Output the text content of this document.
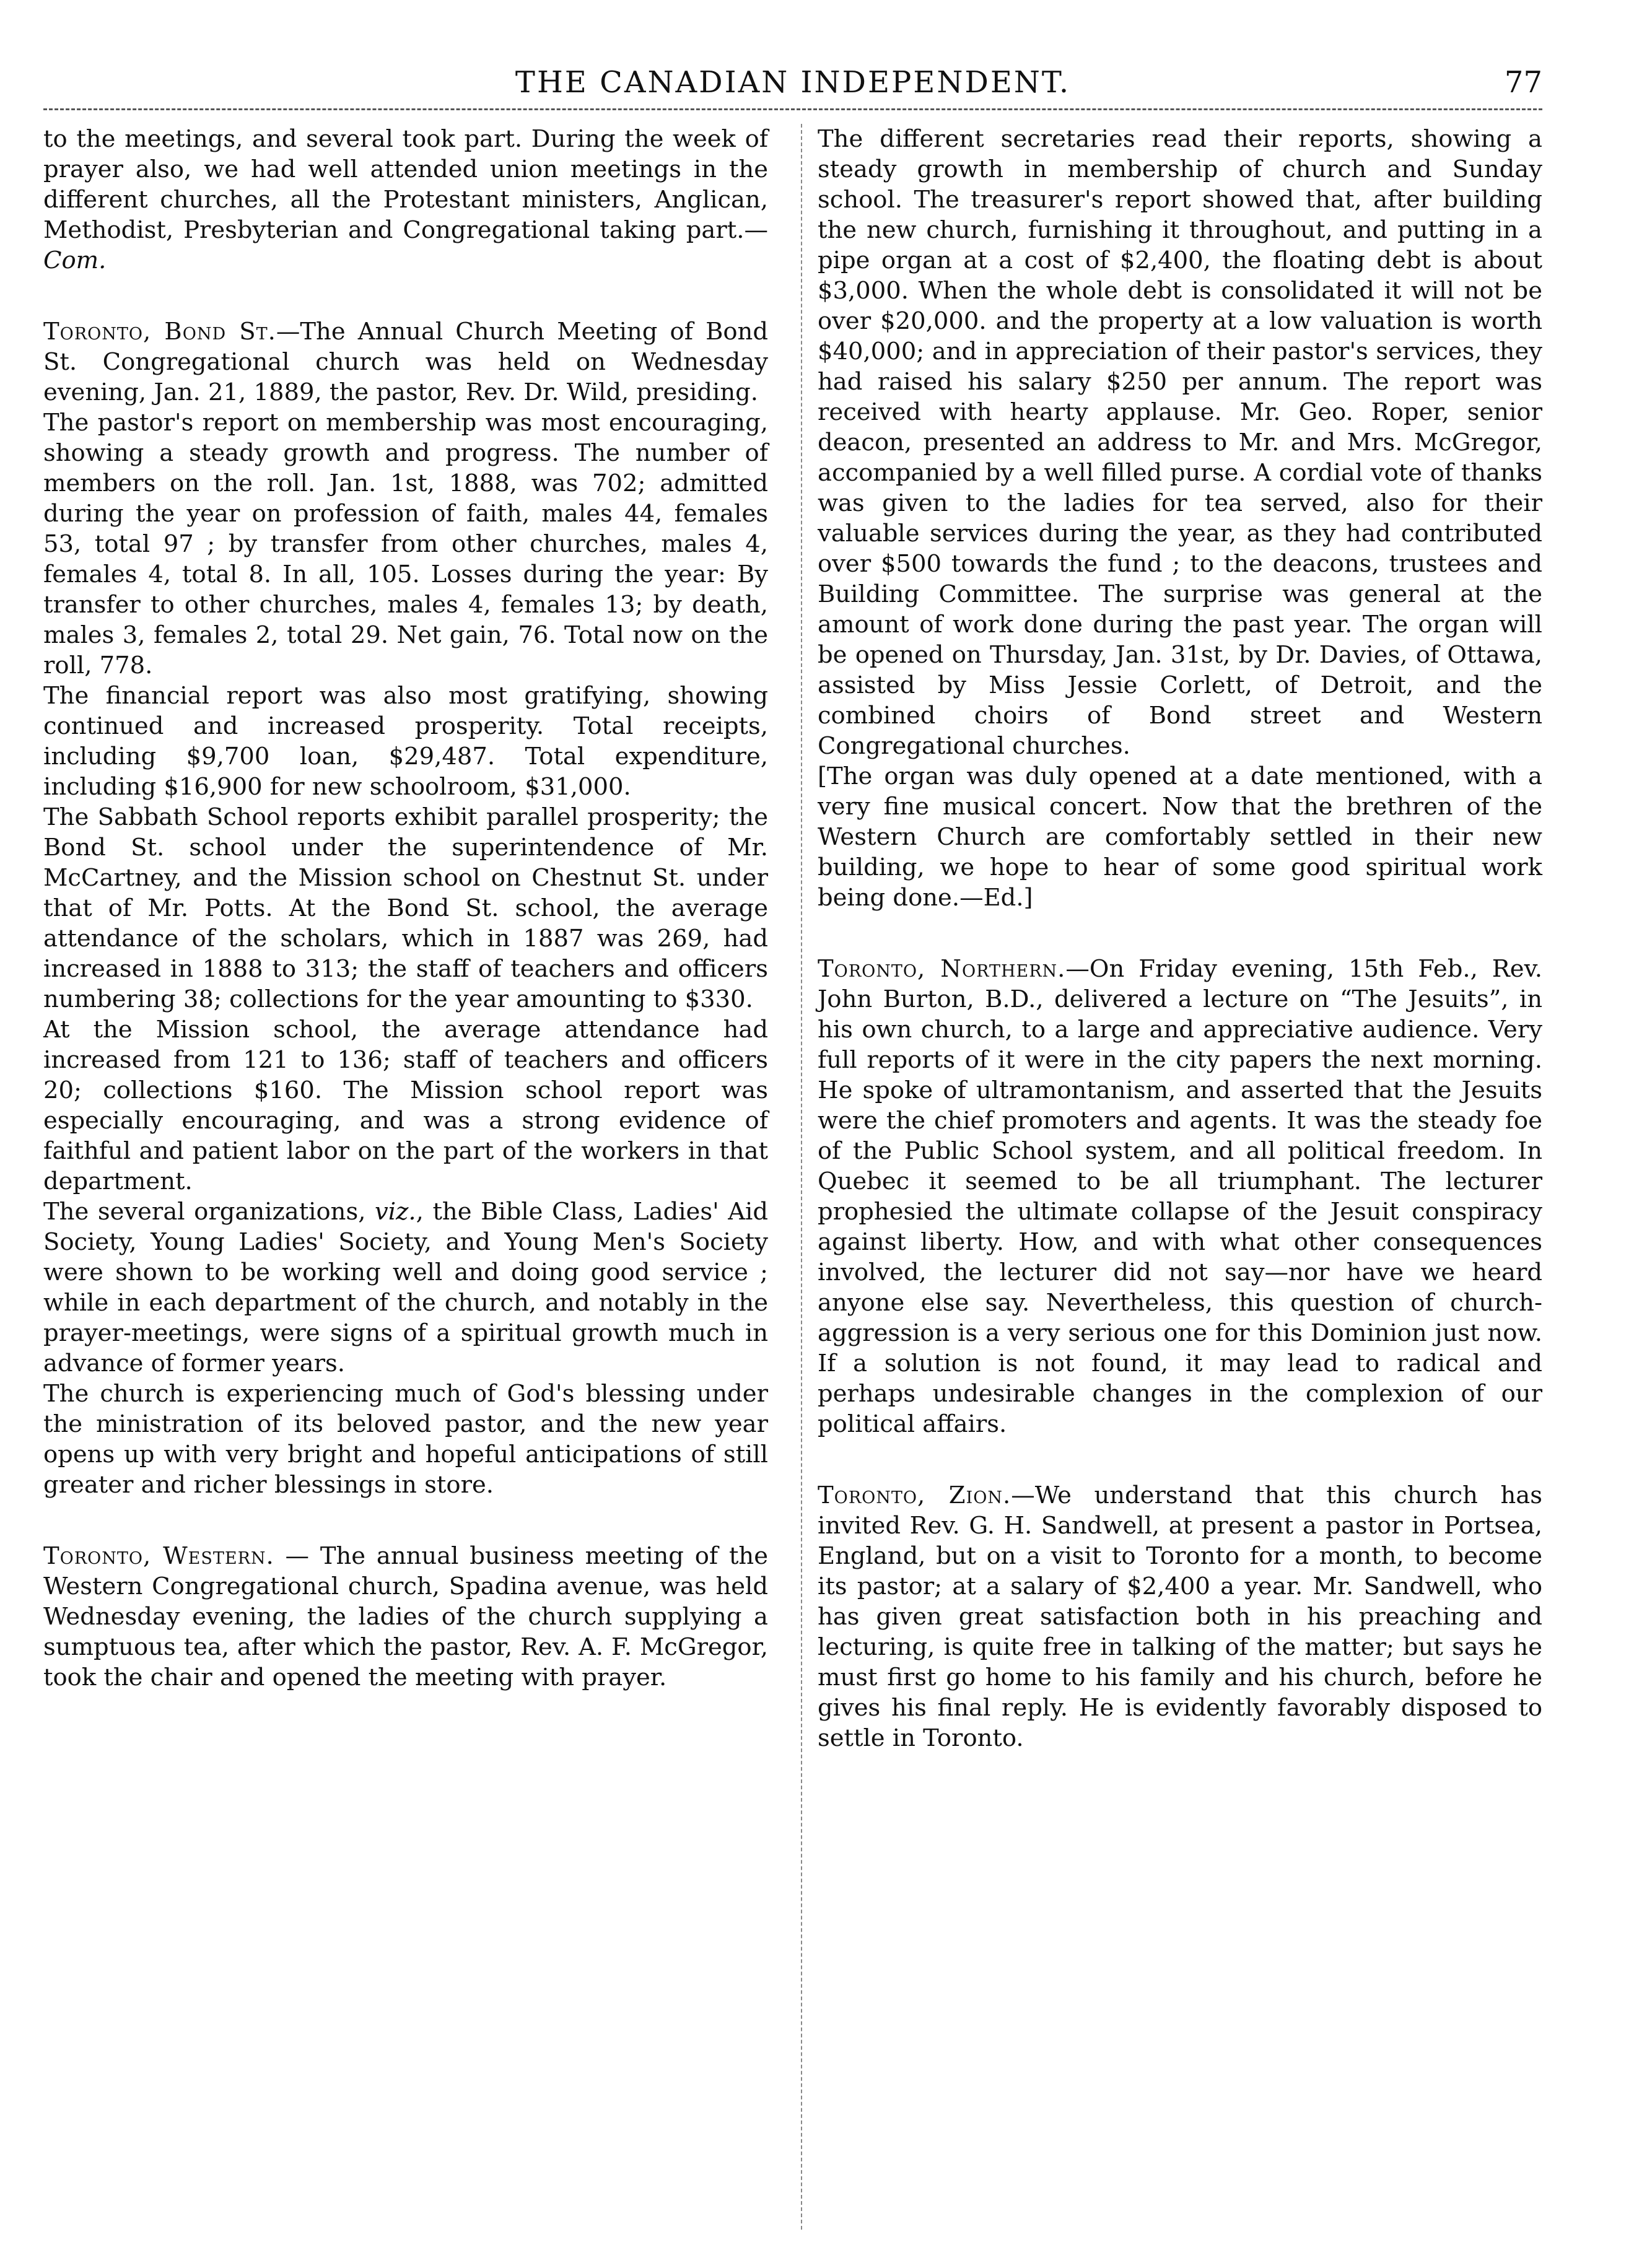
THE CANADIAN INDEPENDENT.	77

to the meetings, and several took part. During the week of prayer also, we had well attended union meetings in the different churches, all the Protestant ministers, Anglican, Methodist, Presbyterian and Congregational taking part.—Com.

Toronto, Bond St.—The Annual Church Meeting of Bond St. Congregational church was held on Wednesday evening, Jan. 21, 1889, the pastor, Rev. Dr. Wild, presiding.

The pastor's report on membership was most encouraging, showing a steady growth and progress. The number of members on the roll. Jan. 1st, 1888, was 702; admitted during the year on profession of faith, males 44, females 53, total 97 ; by transfer from other churches, males 4, females 4, total 8. In all, 105. Losses during the year: By transfer to other churches, males 4, females 13; by death, males 3, females 2, total 29. Net gain, 76. Total now on the roll, 778.

The financial report was also most gratifying, showing continued and increased prosperity. Total receipts, including $9,700 loan, $29,487. Total expenditure, including $16,900 for new schoolroom, $31,000.

The Sabbath School reports exhibit parallel prosperity; the Bond St. school under the superintendence of Mr. McCartney, and the Mission school on Chestnut St. under that of Mr. Potts. At the Bond St. school, the average attendance of the scholars, which in 1887 was 269, had increased in 1888 to 313; the staff of teachers and officers numbering 38; collections for the year amounting to $330.

At the Mission school, the average attendance had increased from 121 to 136; staff of teachers and officers 20; collections $160. The Mission school report was especially encouraging, and was a strong evidence of faithful and patient labor on the part of the workers in that department.

The several organizations, viz., the Bible Class, Ladies' Aid Society, Young Ladies' Society, and Young Men's Society were shown to be working well and doing good service ; while in each department of the church, and notably in the prayer-meetings, were signs of a spiritual growth much in advance of former years.

The church is experiencing much of God's blessing under the ministration of its beloved pastor, and the new year opens up with very bright and hopeful anticipations of still greater and richer blessings in store.

Toronto, Western. — The annual business meeting of the Western Congregational church, Spadina avenue, was held Wednesday evening, the ladies of the church supplying a sumptuous tea, after which the pastor, Rev. A. F. McGregor, took the chair and opened the meeting with prayer.

The different secretaries read their reports, showing a steady growth in membership of church and Sunday school. The treasurer's report showed that, after building the new church, furnishing it throughout, and putting in a pipe organ at a cost of $2,400, the floating debt is about $3,000. When the whole debt is consolidated it will not be over $20,000. and the property at a low valuation is worth $40,000; and in appreciation of their pastor's services, they had raised his salary $250 per annum. The report was received with hearty applause. Mr. Geo. Roper, senior deacon, presented an address to Mr. and Mrs. McGregor, accompanied by a well filled purse. A cordial vote of thanks was given to the ladies for tea served, also for their valuable services during the year, as they had contributed over $500 towards the fund ; to the deacons, trustees and Building Committee. The surprise was general at the amount of work done during the past year. The organ will be opened on Thursday, Jan. 31st, by Dr. Davies, of Ottawa, assisted by Miss Jessie Corlett, of Detroit, and the combined choirs of Bond street and Western Congregational churches.

[The organ was duly opened at a date mentioned, with a very fine musical concert. Now that the brethren of the Western Church are comfortably settled in their new building, we hope to hear of some good spiritual work being done.—Ed.]

Toronto, Northern.—On Friday evening, 15th Feb., Rev. John Burton, B.D., delivered a lecture on “The Jesuits”, in his own church, to a large and appreciative audience. Very full reports of it were in the city papers the next morning. He spoke of ultramontanism, and asserted that the Jesuits were the chief promoters and agents. It was the steady foe of the Public School system, and all political freedom. In Quebec it seemed to be all triumphant. The lecturer prophesied the ultimate collapse of the Jesuit conspiracy against liberty. How, and with what other consequences involved, the lecturer did not say—nor have we heard anyone else say. Nevertheless, this question of church-aggression is a very serious one for this Dominion just now. If a solution is not found, it may lead to radical and perhaps undesirable changes in the complexion of our political affairs.

Toronto, Zion.—We understand that this church has invited Rev. G. H. Sandwell, at present a pastor in Portsea, England, but on a visit to Toronto for a month, to become its pastor; at a salary of $2,400 a year. Mr. Sandwell, who has given great satisfaction both in his preaching and lecturing, is quite free in talking of the matter; but says he must first go home to his family and his church, before he gives his final reply. He is evidently favorably disposed to settle in Toronto.
